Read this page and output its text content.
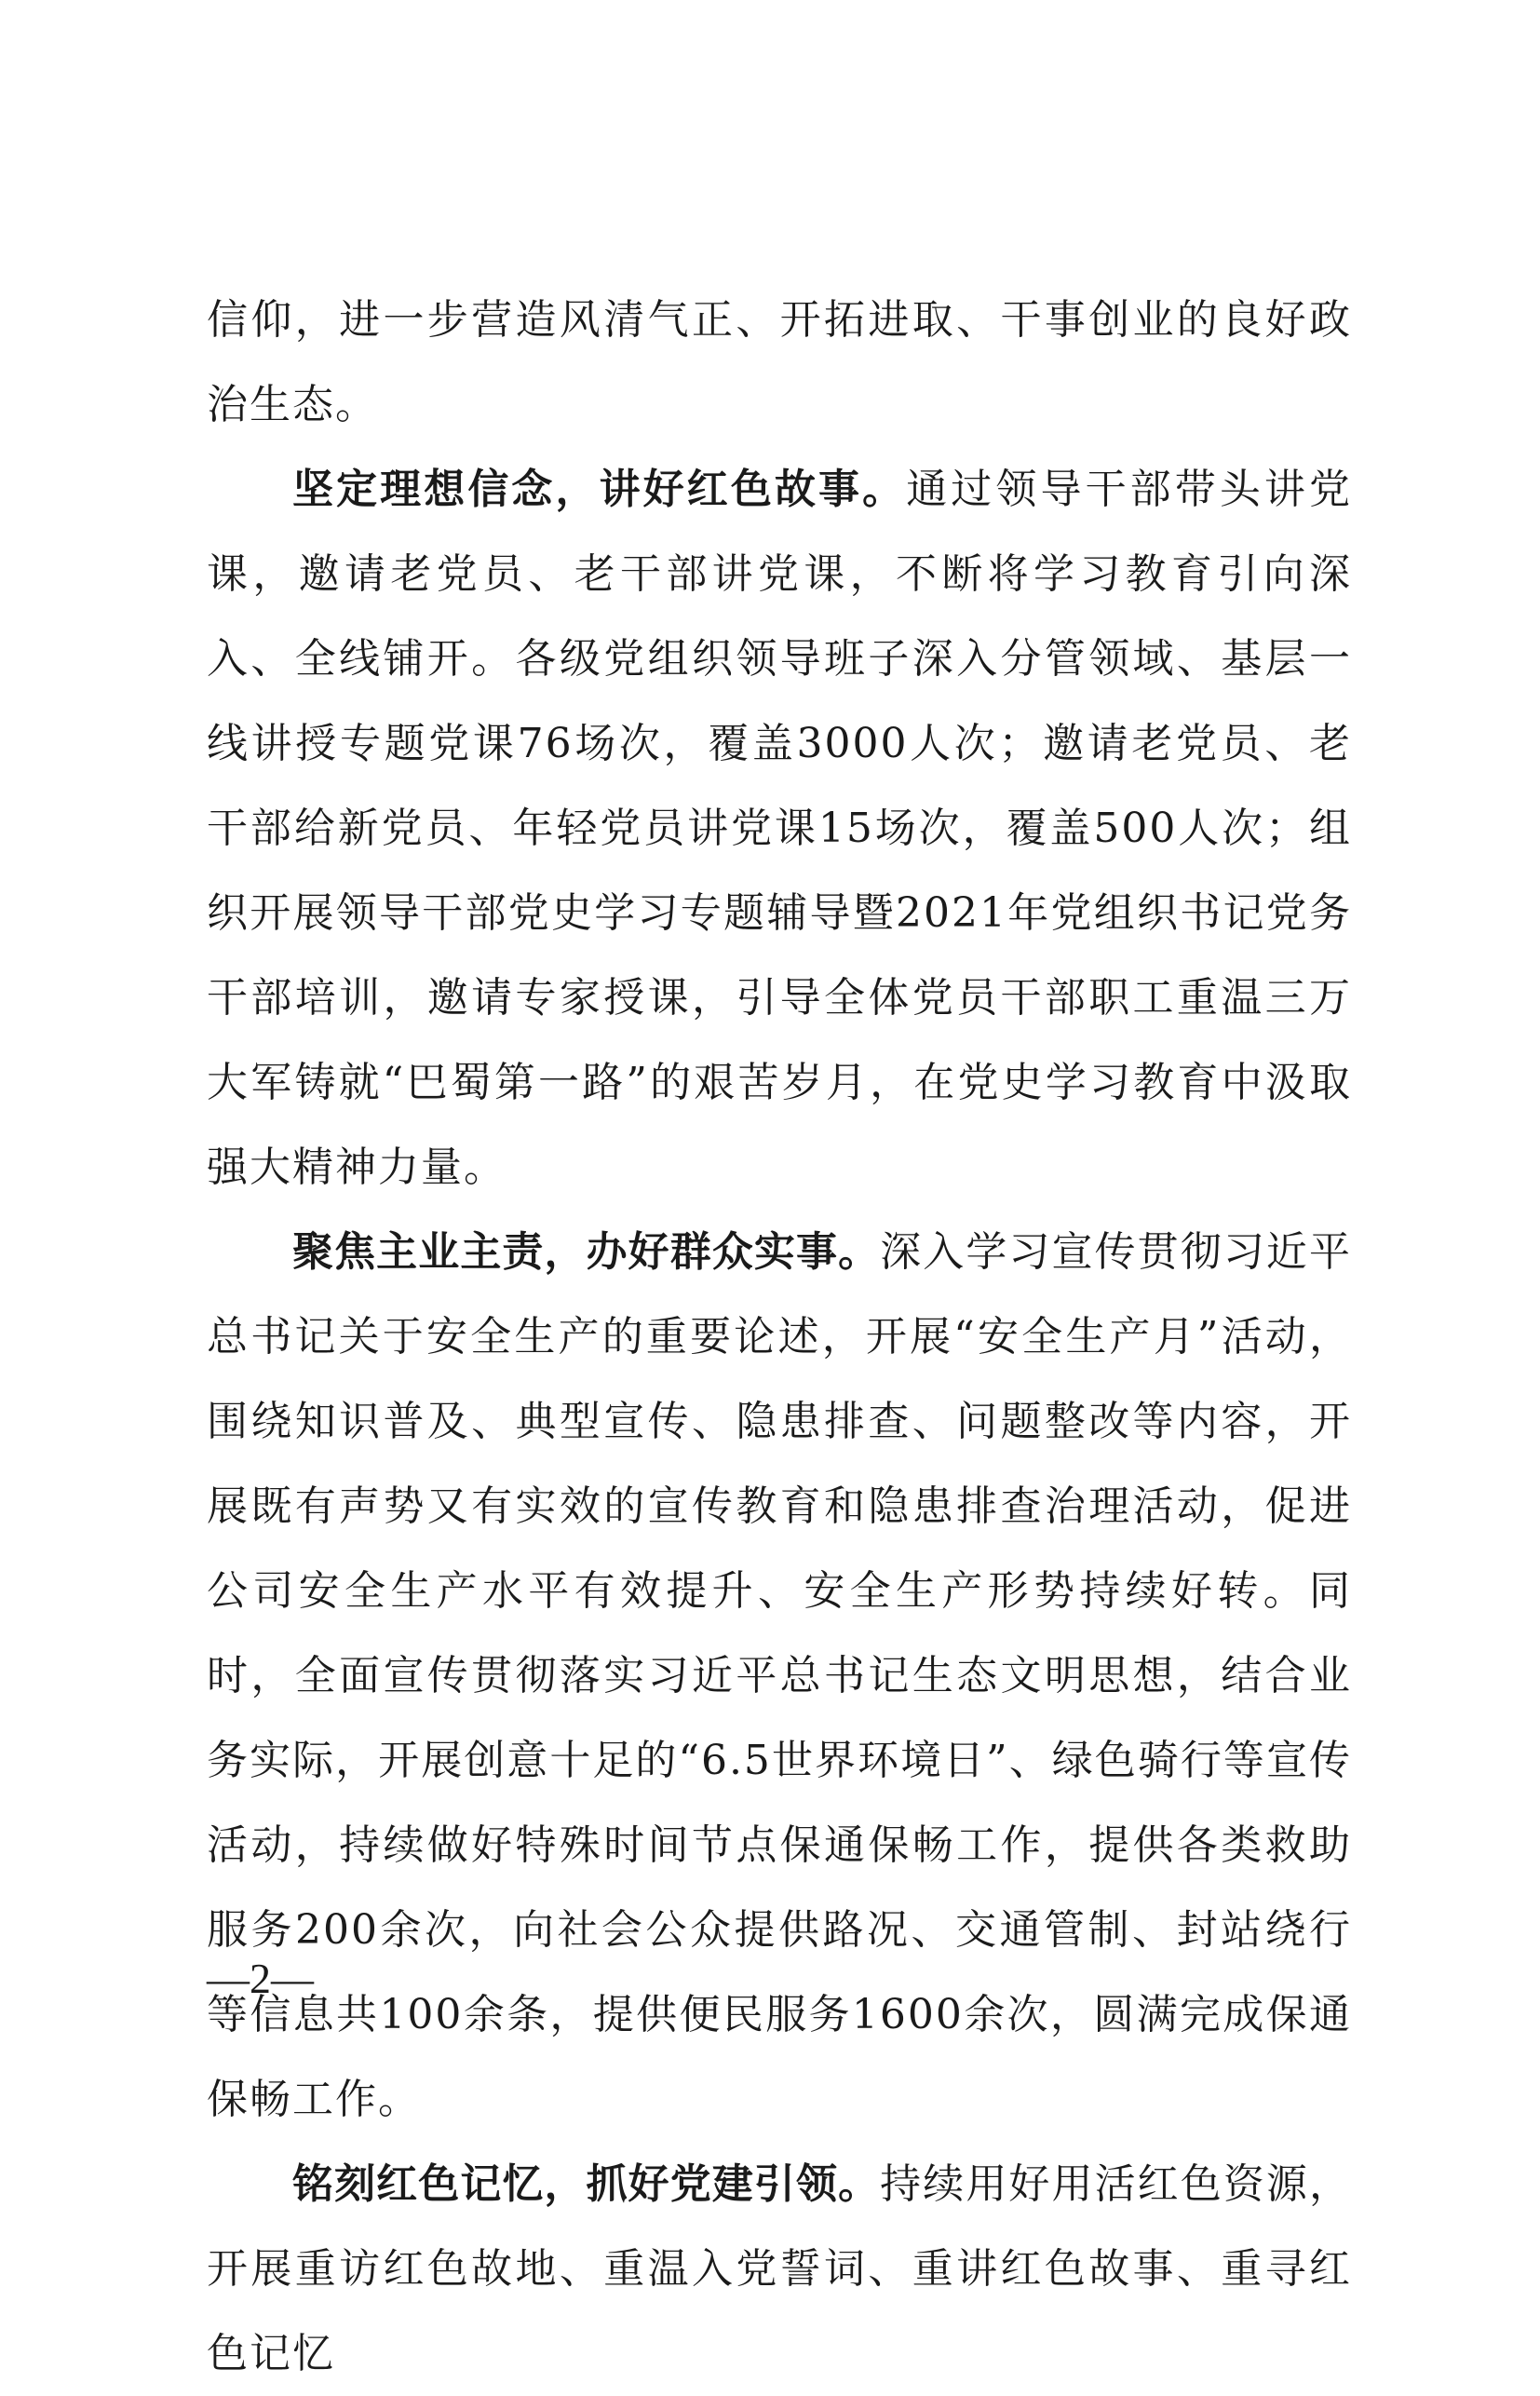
信仰，进一步营造风清气正、开拓进取、干事创业的良好政治生态。

坚定理想信念，讲好红色故事。通过领导干部带头讲党课，邀请老党员、老干部讲党课，不断将学习教育引向深入、全线铺开。各级党组织领导班子深入分管领域、基层一线讲授专题党课76场次，覆盖3000人次；邀请老党员、老干部给新党员、年轻党员讲党课15场次，覆盖500人次；组织开展领导干部党史学习专题辅导暨2021年党组织书记党务干部培训，邀请专家授课，引导全体党员干部职工重温三万大军铸就“巴蜀第一路”的艰苦岁月，在党史学习教育中汲取强大精神力量。

聚焦主业主责，办好群众实事。深入学习宣传贯彻习近平总书记关于安全生产的重要论述，开展“安全生产月”活动，围绕知识普及、典型宣传、隐患排查、问题整改等内容，开展既有声势又有实效的宣传教育和隐患排查治理活动，促进公司安全生产水平有效提升、安全生产形势持续好转。同时，全面宣传贯彻落实习近平总书记生态文明思想，结合业务实际，开展创意十足的“6.5世界环境日”、绿色骑行等宣传活动，持续做好特殊时间节点保通保畅工作，提供各类救助服务200余次，向社会公众提供路况、交通管制、封站绕行等信息共100余条，提供便民服务1600余次，圆满完成保通保畅工作。

铭刻红色记忆，抓好党建引领。持续用好用活红色资源，开展重访红色故地、重温入党誓词、重讲红色故事、重寻红色记忆

—2—
